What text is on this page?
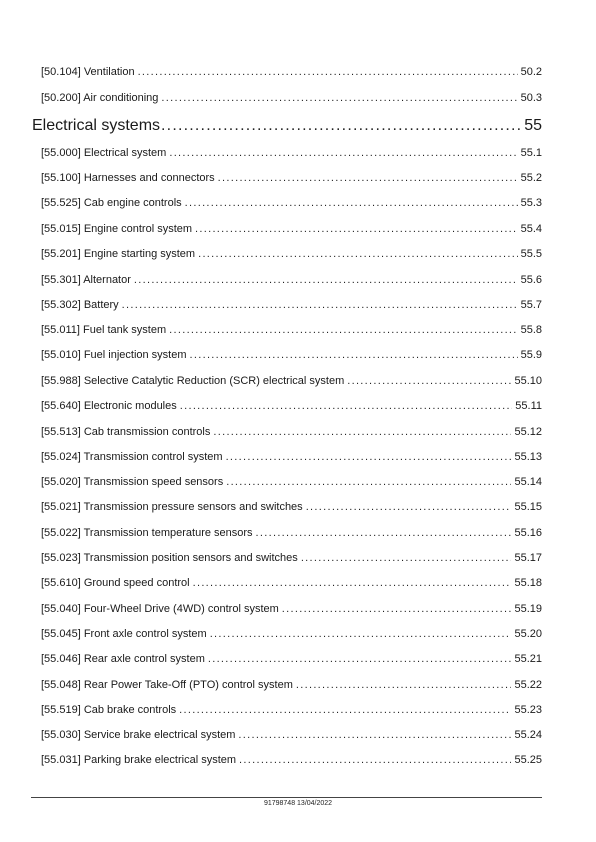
[50.104] Ventilation .....	50.2
[50.200] Air conditioning .....	50.3
Electrical systems .....	55
[55.000] Electrical system .....	55.1
[55.100] Harnesses and connectors .....	55.2
[55.525] Cab engine controls .....	55.3
[55.015] Engine control system .....	55.4
[55.201] Engine starting system .....	55.5
[55.301] Alternator .....	55.6
[55.302] Battery .....	55.7
[55.011] Fuel tank system .....	55.8
[55.010] Fuel injection system .....	55.9
[55.988] Selective Catalytic Reduction (SCR) electrical system .....	55.10
[55.640] Electronic modules .....	55.11
[55.513] Cab transmission controls .....	55.12
[55.024] Transmission control system .....	55.13
[55.020] Transmission speed sensors .....	55.14
[55.021] Transmission pressure sensors and switches .....	55.15
[55.022] Transmission temperature sensors .....	55.16
[55.023] Transmission position sensors and switches .....	55.17
[55.610] Ground speed control .....	55.18
[55.040] Four-Wheel Drive (4WD) control system .....	55.19
[55.045] Front axle control system .....	55.20
[55.046] Rear axle control system .....	55.21
[55.048] Rear Power Take-Off (PTO) control system .....	55.22
[55.519] Cab brake controls .....	55.23
[55.030] Service brake electrical system .....	55.24
[55.031] Parking brake electrical system .....	55.25
91798748 13/04/2022
